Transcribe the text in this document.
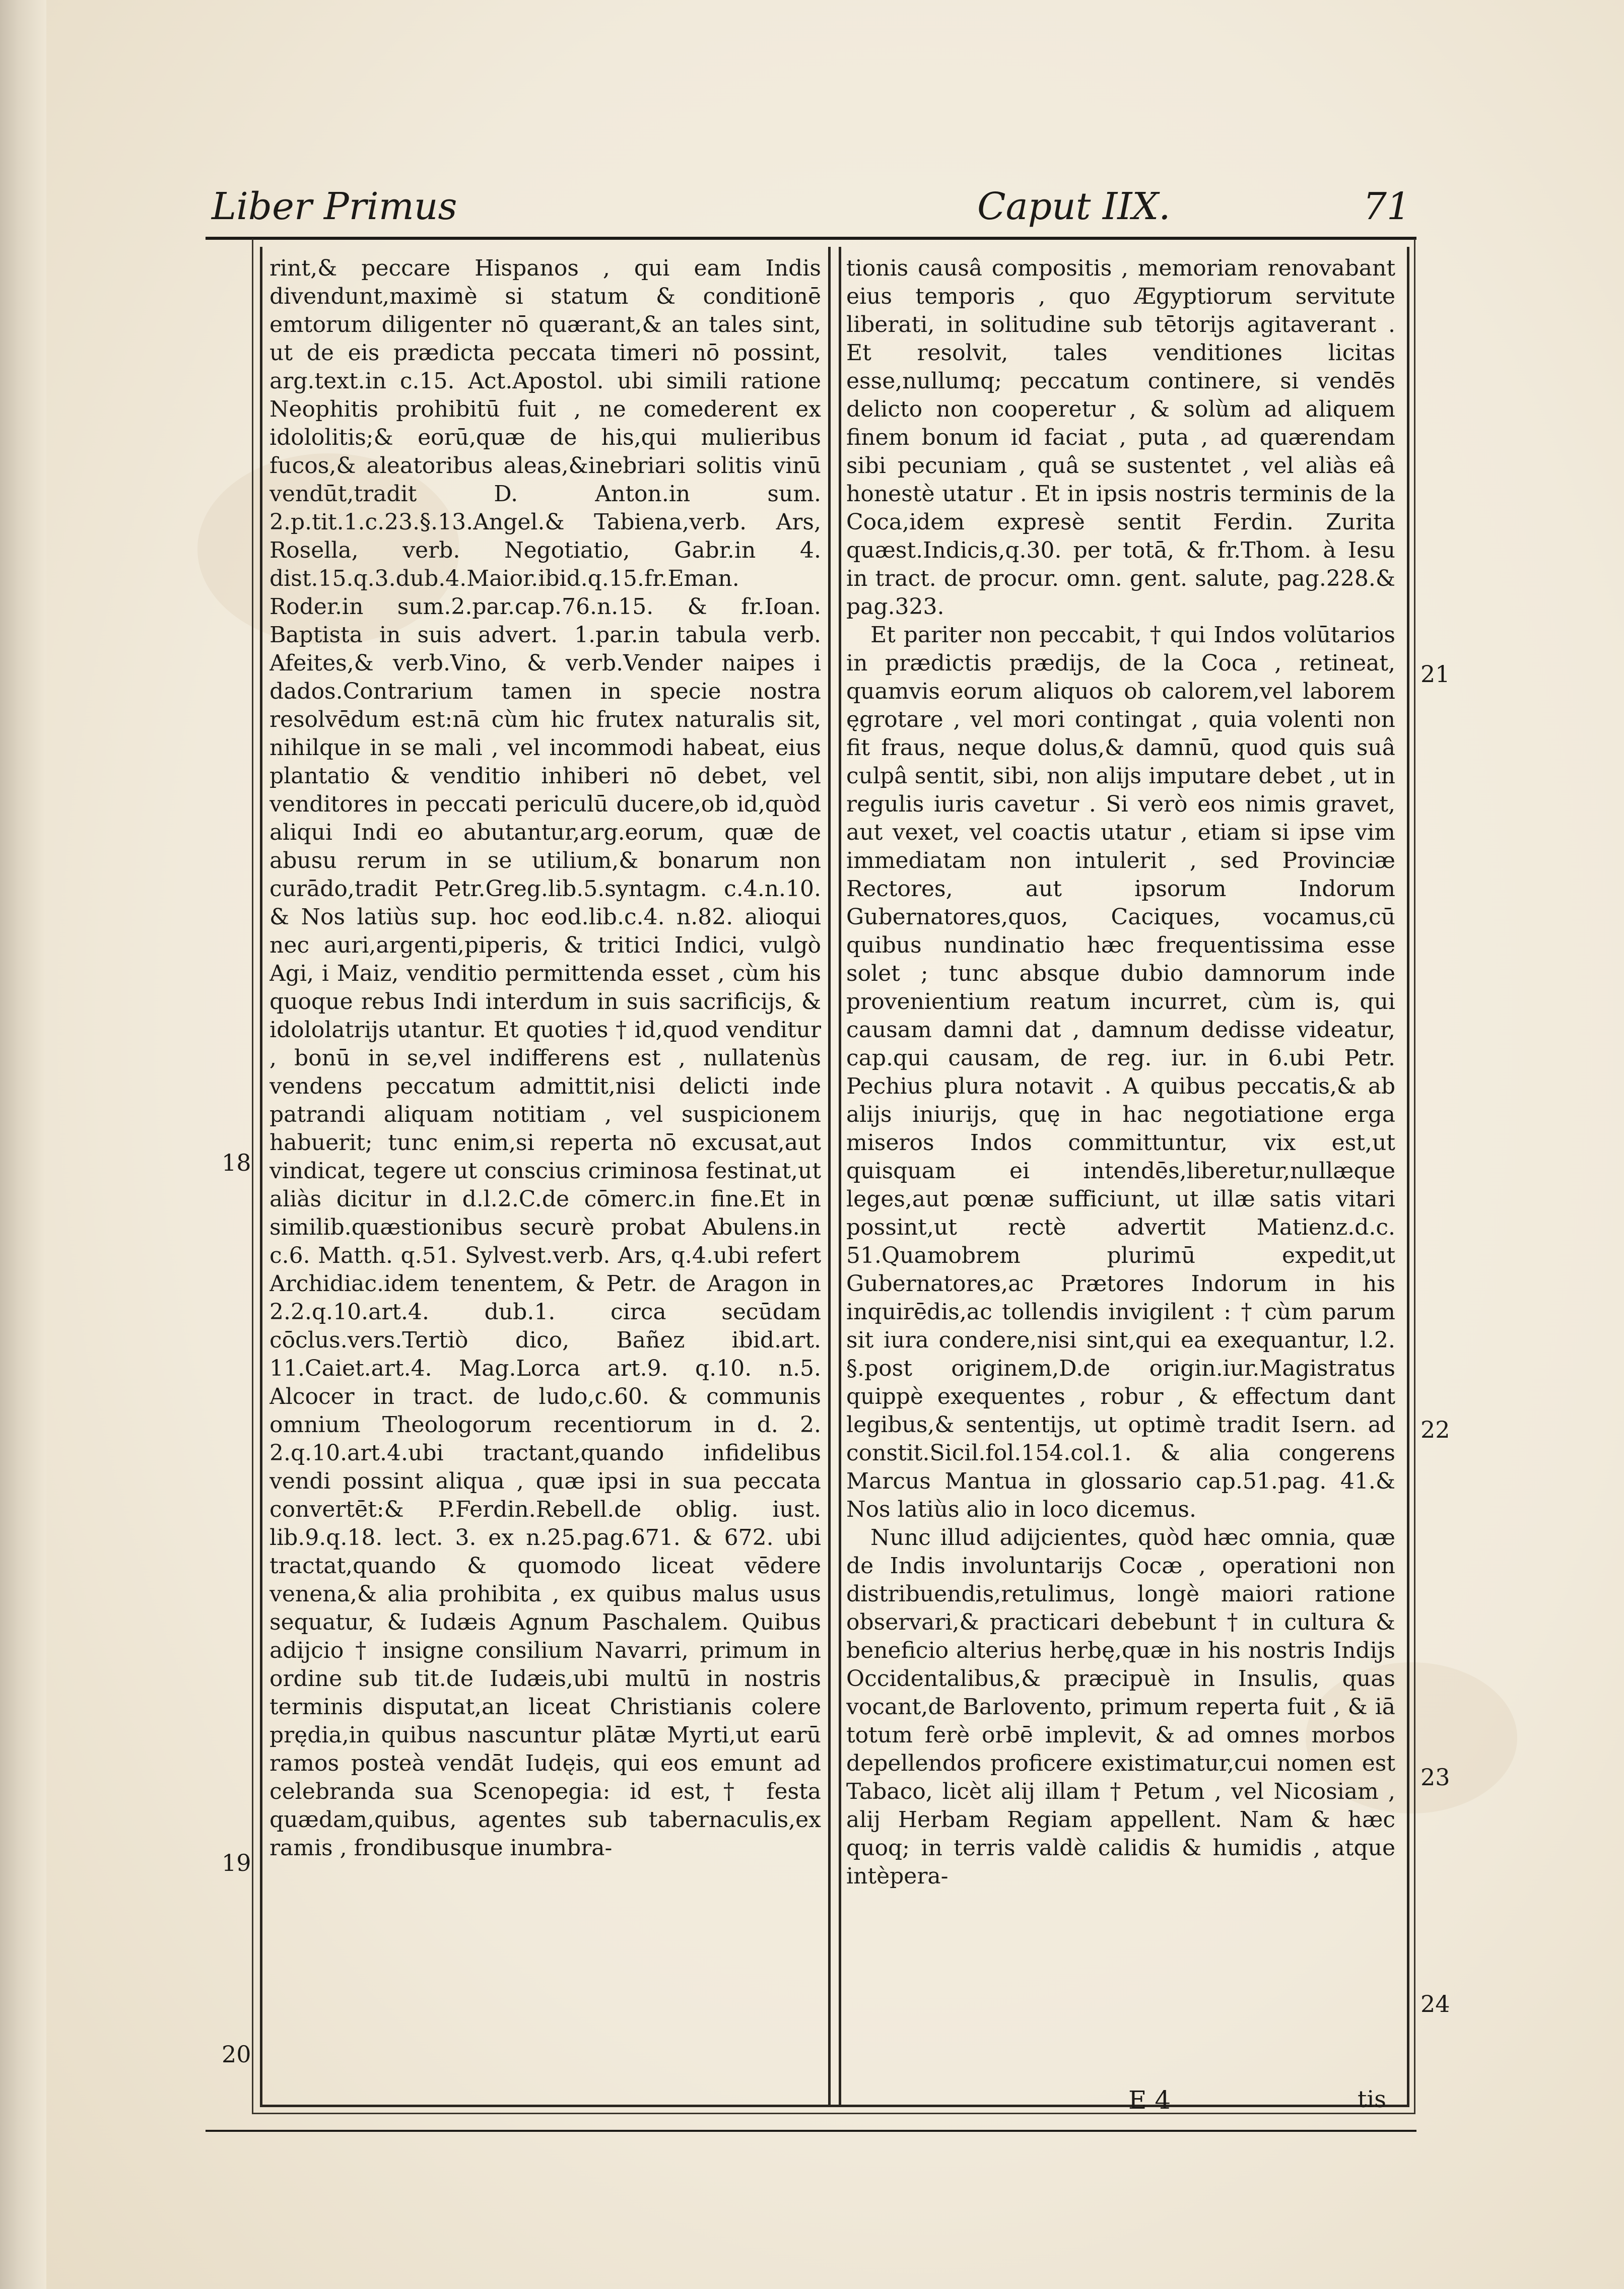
Liber Primus	Caput IIX.	71

rint,& peccare Hispanos , qui eam Indis divendunt,maximè si statum & conditionē emtorum diligenter nō quærant,& an tales sint, ut de eis prædicta peccata timeri nō possint, arg.text.in c.15. Act.Apostol. ubi simili ratione Neophitis prohibitū fuit , ne comederent ex idololitis;& eorū,quæ de his,qui mulieribus fucos,& aleatoribus aleas,&inebriari solitis vinū vendūt,tradit D. Anton.in sum. 2.p.tit.1.c.23.§.13.Angel.& Tabiena,verb. Ars, Rosella, verb. Negotiatio, Gabr.in 4. dist.15.q.3.dub.4.Maior.ibid.q.15.fr.Eman. Roder.in sum.2.par.cap.76.n.15. & fr.Ioan. Baptista in suis advert. 1.par.in tabula verb. Afeites,& verb.Vino, & verb.Vender naipes i dados.Contrarium tamen in specie nostra resolvēdum est:nā cùm hic frutex naturalis sit, nihilque in se mali , vel incommodi habeat, eius plantatio & venditio inhiberi nō debet, vel venditores in peccati periculū ducere,ob id,quòd aliqui Indi eo abutantur,arg.eorum, quæ de abusu rerum in se utilium,& bonarum non curādo,tradit Petr.Greg.lib.5.syntagm. c.4.n.10. & Nos latiùs sup. hoc eod.lib.c.4. n.82. alioqui nec auri,argenti,piperis, & tritici Indici, vulgò Agi, i Maiz, venditio permittenda esset , cùm his quoque rebus Indi interdum in suis sacrificijs, & idololatrijs utantur. Et quoties † id,quod venditur , bonū in se,vel indifferens est , nullatenùs vendens peccatum admittit,nisi delicti inde patrandi aliquam notitiam , vel suspicionem habuerit; tunc enim,si reperta nō excusat,aut vindicat, tegere ut conscius criminosa festinat,ut aliàs dicitur in d.l.2.C.de cōmerc.in fine.Et in similib.quæstionibus securè probat Abulens.in c.6. Matth. q.51. Sylvest.verb. Ars, q.4.ubi refert Archidiac.idem tenentem, & Petr. de Aragon in 2.2.q.10.art.4. dub.1. circa secūdam cōclus.vers.Tertiò dico, Bañez ibid.art. 11.Caiet.art.4. Mag.Lorca art.9. q.10. n.5. Alcocer in tract. de ludo,c.60. & communis omnium Theologorum recentiorum in d. 2. 2.q.10.art.4.ubi tractant,quando infidelibus vendi possint aliqua , quæ ipsi in sua peccata convertēt:& P.Ferdin.Rebell.de oblig. iust. lib.9.q.18. lect. 3. ex n.25.pag.671. & 672. ubi tractat,quando & quomodo liceat vēdere venena,& alia prohibita , ex quibus malus usus sequatur, & Iudæis Agnum Paschalem. Quibus adijcio † insigne consilium Navarri, primum in ordine sub tit.de Iudæis,ubi multū in nostris terminis disputat,an liceat Christianis colere prędia,in quibus nascuntur plātæ Myrti,ut earū ramos posteà vendāt Iudęis, qui eos emunt ad celebranda sua Scenopegia: id est,† festa quædam,quibus, agentes sub tabernaculis,ex ramis , frondibusque inumbra-

tionis causâ compositis , memoriam renovabant eius temporis , quo Ægyptiorum servitute liberati, in solitudine sub tētorijs agitaverant . Et resolvit, tales venditiones licitas esse,nullumq; peccatum continere, si vendēs delicto non cooperetur , & solùm ad aliquem finem bonum id faciat , puta , ad quærendam sibi pecuniam , quâ se sustentet , vel aliàs eâ honestè utatur . Et in ipsis nostris terminis de la Coca,idem expresè sentit Ferdin. Zurita quæst.Indicis,q.30. per totā, & fr.Thom. à Iesu in tract. de procur. omn. gent. salute, pag.228.& pag.323.

Et pariter non peccabit, † qui Indos volūtarios in prædictis prædijs, de la Coca , retineat, quamvis eorum aliquos ob calorem,vel laborem ęgrotare , vel mori contingat , quia volenti non fit fraus, neque dolus,& damnū, quod quis suâ culpâ sentit, sibi, non alijs imputare debet , ut in regulis iuris cavetur . Si verò eos nimis gravet, aut vexet, vel coactis utatur , etiam si ipse vim immediatam non intulerit , sed Provinciæ Rectores, aut ipsorum Indorum Gubernatores,quos, Caciques, vocamus,cū quibus nundinatio hæc frequentissima esse solet ; tunc absque dubio damnorum inde provenientium reatum incurret, cùm is, qui causam damni dat , damnum dedisse videatur, cap.qui causam, de reg. iur. in 6.ubi Petr. Pechius plura notavit . A quibus peccatis,& ab alijs iniurijs, quę in hac negotiatione erga miseros Indos committuntur, vix est,ut quisquam ei intendēs,liberetur,nullæque leges,aut pœnæ sufficiunt, ut illæ satis vitari possint,ut rectè advertit Matienz.d.c. 51.Quamobrem plurimū expedit,ut Gubernatores,ac Prætores Indorum in his inquirēdis,ac tollendis invigilent : † cùm parum sit iura condere,nisi sint,qui ea exequantur, l.2. §.post originem,D.de origin.iur.Magistratus quippè exequentes , robur , & effectum dant legibus,& sententijs, ut optimè tradit Isern. ad constit.Sicil.fol.154.col.1. & alia congerens Marcus Mantua in glossario cap.51.pag. 41.& Nos latiùs alio in loco dicemus.

Nunc illud adijcientes, quòd hæc omnia, quæ de Indis involuntarijs Cocæ , operationi non distribuendis,retulimus, longè maiori ratione observari,& practicari debebunt † in cultura & beneficio alterius herbę,quæ in his nostris Indijs Occidentalibus,& præcipuè in Insulis, quas vocant,de Barlovento, primum reperta fuit , & iā totum ferè orbē implevit, & ad omnes morbos depellendos proficere existimatur,cui nomen est Tabaco, licèt alij illam † Petum , vel Nicosiam , alij Herbam Regiam appellent. Nam & hæc quoq; in terris valdè calidis & humidis , atque intèpera-

18
19
20
21
22
23
24
E 4	tis
